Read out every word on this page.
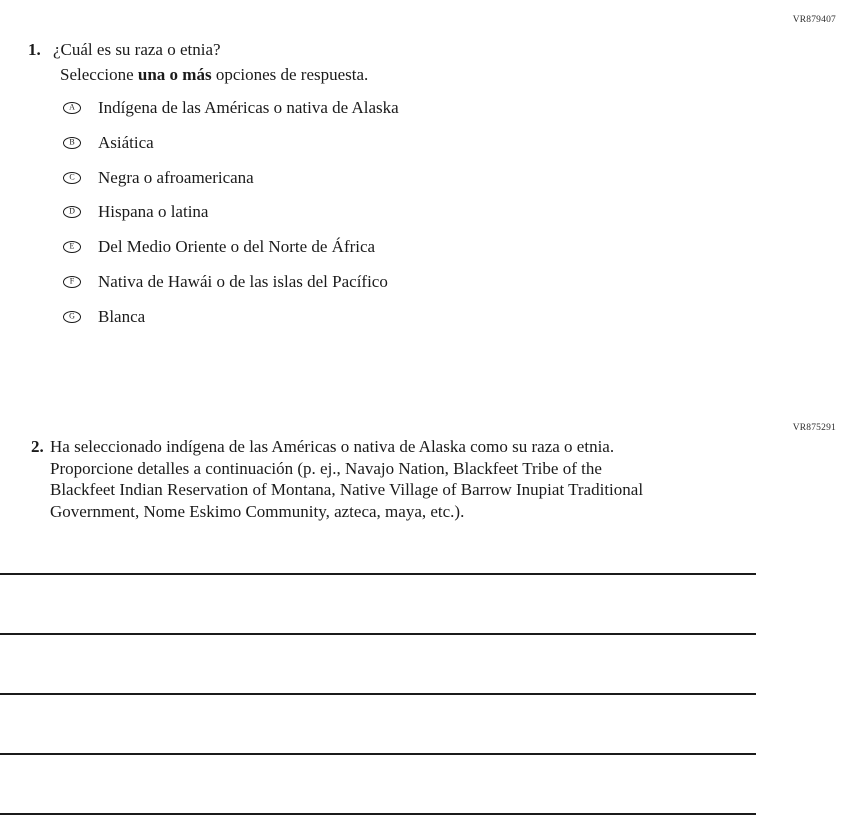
VR879407
1. ¿Cuál es su raza o etnia?
Seleccione una o más opciones de respuesta.
A Indígena de las Américas o nativa de Alaska
B Asiática
C Negra o afroamericana
D Hispana o latina
E Del Medio Oriente o del Norte de África
F Nativa de Hawái o de las islas del Pacífico
G Blanca
VR875291
2. Ha seleccionado indígena de las Américas o nativa de Alaska como su raza o etnia.
Proporcione detalles a continuación (p. ej., Navajo Nation, Blackfeet Tribe of the
Blackfeet Indian Reservation of Montana, Native Village of Barrow Inupiat Traditional
Government, Nome Eskimo Community, azteca, maya, etc.).
